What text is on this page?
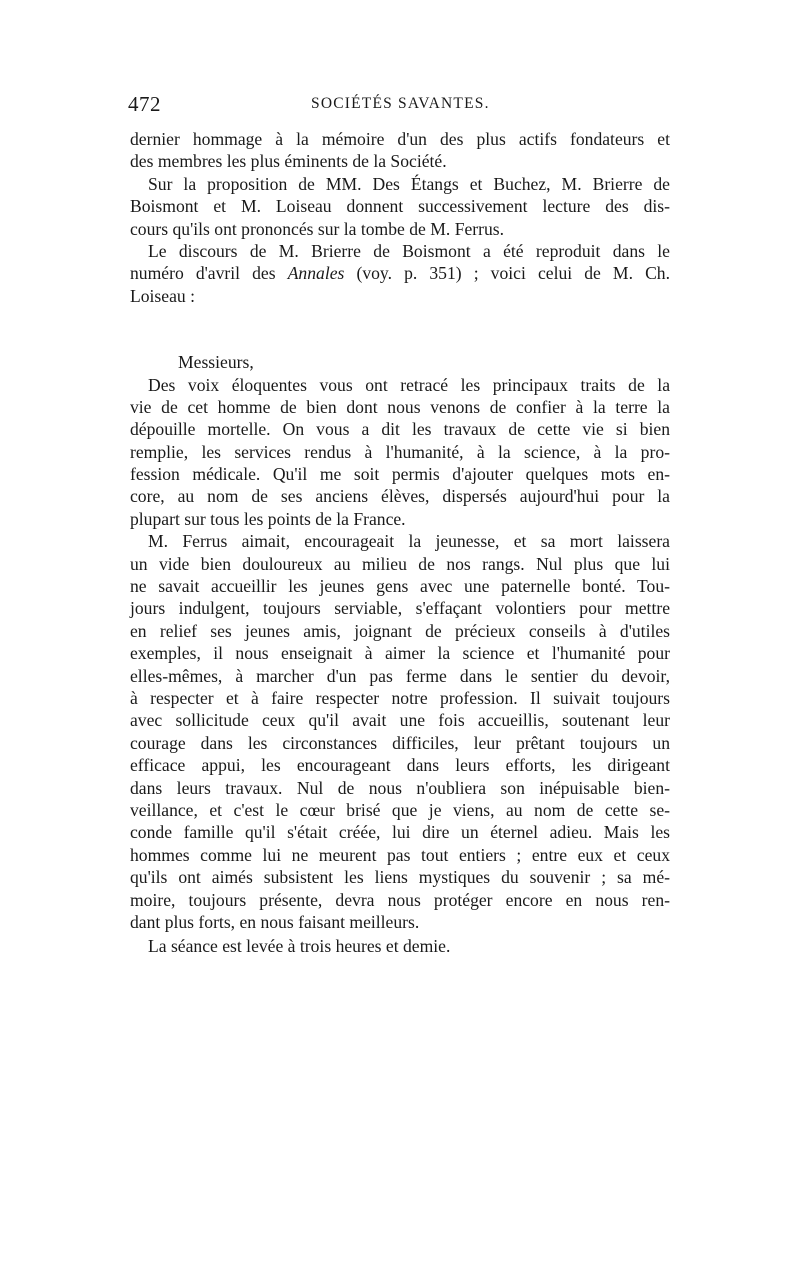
472	SOCIÉTÉS SAVANTES.
dernier hommage à la mémoire d'un des plus actifs fondateurs et
des membres les plus éminents de la Société.
Sur la proposition de MM. Des Étangs et Buchez, M. Brierre de
Boismont et M. Loiseau donnent successivement lecture des dis-
cours qu'ils ont prononcés sur la tombe de M. Ferrus.
Le discours de M. Brierre de Boismont a été reproduit dans le
numéro d'avril des Annales (voy. p. 351) ; voici celui de M. Ch.
Loiseau :
Messieurs,
Des voix éloquentes vous ont retracé les principaux traits de la
vie de cet homme de bien dont nous venons de confier à la terre la
dépouille mortelle. On vous a dit les travaux de cette vie si bien
remplie, les services rendus à l'humanité, à la science, à la pro-
fession médicale. Qu'il me soit permis d'ajouter quelques mots en-
core, au nom de ses anciens élèves, dispersés aujourd'hui pour la
plupart sur tous les points de la France.
M. Ferrus aimait, encourageait la jeunesse, et sa mort laissera
un vide bien douloureux au milieu de nos rangs. Nul plus que lui
ne savait accueillir les jeunes gens avec une paternelle bonté. Tou-
jours indulgent, toujours serviable, s'effaçant volontiers pour mettre
en relief ses jeunes amis, joignant de précieux conseils à d'utiles
exemples, il nous enseignait à aimer la science et l'humanité pour
elles-mêmes, à marcher d'un pas ferme dans le sentier du devoir,
à respecter et à faire respecter notre profession. Il suivait toujours
avec sollicitude ceux qu'il avait une fois accueillis, soutenant leur
courage dans les circonstances difficiles, leur prêtant toujours un
efficace appui, les encourageant dans leurs efforts, les dirigeant
dans leurs travaux. Nul de nous n'oubliera son inépuisable bien-
veillance, et c'est le cœur brisé que je viens, au nom de cette se-
conde famille qu'il s'était créée, lui dire un éternel adieu. Mais les
hommes comme lui ne meurent pas tout entiers ; entre eux et ceux
qu'ils ont aimés subsistent les liens mystiques du souvenir ; sa mé-
moire, toujours présente, devra nous protéger encore en nous ren-
dant plus forts, en nous faisant meilleurs.
La séance est levée à trois heures et demie.
